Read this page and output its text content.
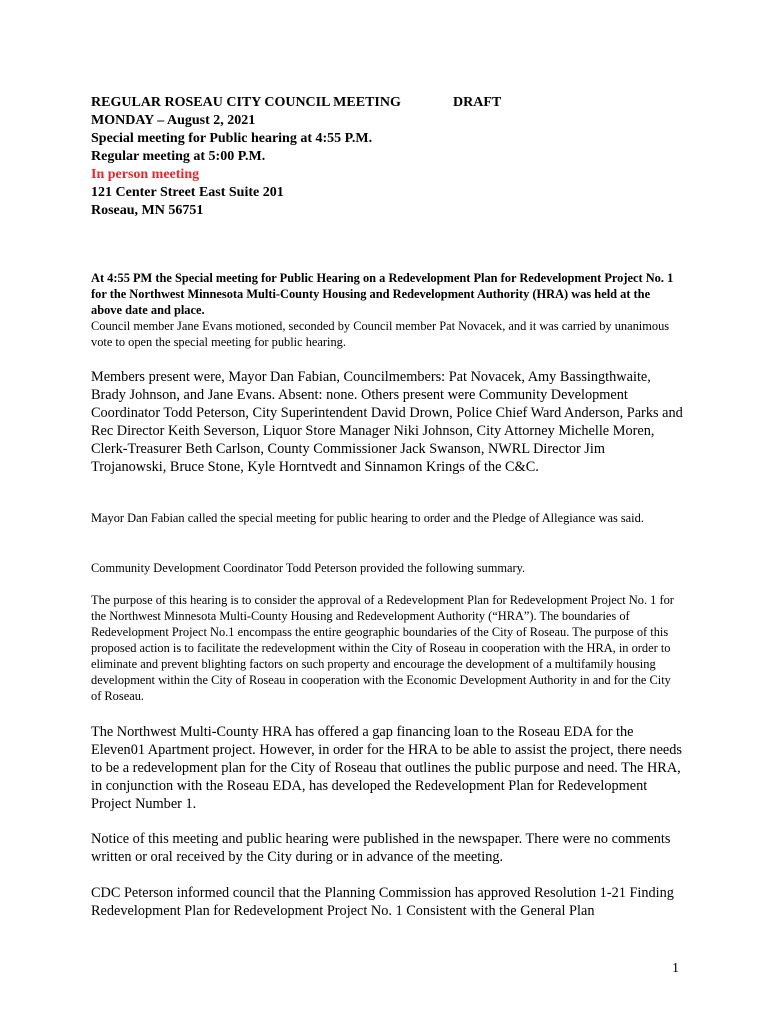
REGULAR ROSEAU CITY COUNCIL MEETING	DRAFT
MONDAY – August 2, 2021
Special meeting for Public hearing at 4:55 P.M.
Regular meeting at 5:00 P.M.
In person meeting
121 Center Street East Suite 201
Roseau, MN 56751

At 4:55 PM the Special meeting for Public Hearing on a Redevelopment Plan for Redevelopment Project No. 1 for the Northwest Minnesota Multi-County Housing and Redevelopment Authority (HRA) was held at the above date and place.

Council member Jane Evans motioned, seconded by Council member Pat Novacek, and it was carried by unanimous vote to open the special meeting for public hearing.

Members present were, Mayor Dan Fabian, Councilmembers: Pat Novacek, Amy Bassingthwaite, Brady Johnson, and Jane Evans. Absent: none. Others present were Community Development Coordinator Todd Peterson, City Superintendent David Drown, Police Chief Ward Anderson, Parks and Rec Director Keith Severson, Liquor Store Manager Niki Johnson, City Attorney Michelle Moren, Clerk-Treasurer Beth Carlson, County Commissioner Jack Swanson, NWRL Director Jim Trojanowski, Bruce Stone, Kyle Horntvedt and Sinnamon Krings of the C&C.

Mayor Dan Fabian called the special meeting for public hearing to order and the Pledge of Allegiance was said.

Community Development Coordinator Todd Peterson provided the following summary.

The purpose of this hearing is to consider the approval of a Redevelopment Plan for Redevelopment Project No. 1 for the Northwest Minnesota Multi-County Housing and Redevelopment Authority (“HRA”). The boundaries of Redevelopment Project No.1 encompass the entire geographic boundaries of the City of Roseau. The purpose of this proposed action is to facilitate the redevelopment within the City of Roseau in cooperation with the HRA, in order to eliminate and prevent blighting factors on such property and encourage the development of a multifamily housing development within the City of Roseau in cooperation with the Economic Development Authority in and for the City of Roseau.

The Northwest Multi-County HRA has offered a gap financing loan to the Roseau EDA for the Eleven01 Apartment project. However, in order for the HRA to be able to assist the project, there needs to be a redevelopment plan for the City of Roseau that outlines the public purpose and need. The HRA, in conjunction with the Roseau EDA, has developed the Redevelopment Plan for Redevelopment Project Number 1.

Notice of this meeting and public hearing were published in the newspaper. There were no comments written or oral received by the City during or in advance of the meeting.

CDC Peterson informed council that the Planning Commission has approved Resolution 1-21 Finding Redevelopment Plan for Redevelopment Project No. 1 Consistent with the General Plan

1
